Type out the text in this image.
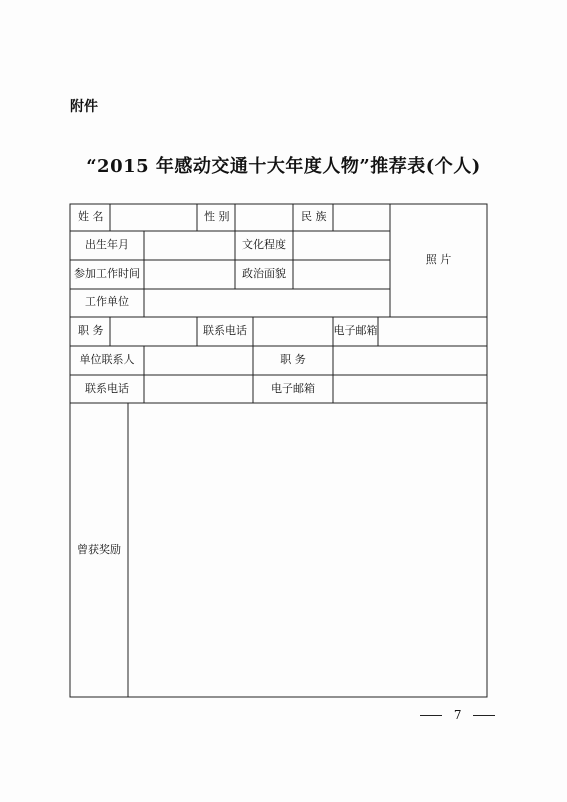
附件
“2015 年感动交通十大年度人物”推荐表(个人)
姓 名	性 别	民 族
照 片
出生年月	文化程度
参加工作时间	政治面貌
工作单位
职 务	联系电话	电子邮箱
单位联系人	职 务
联系电话	电子邮箱
曾获奖励
7
